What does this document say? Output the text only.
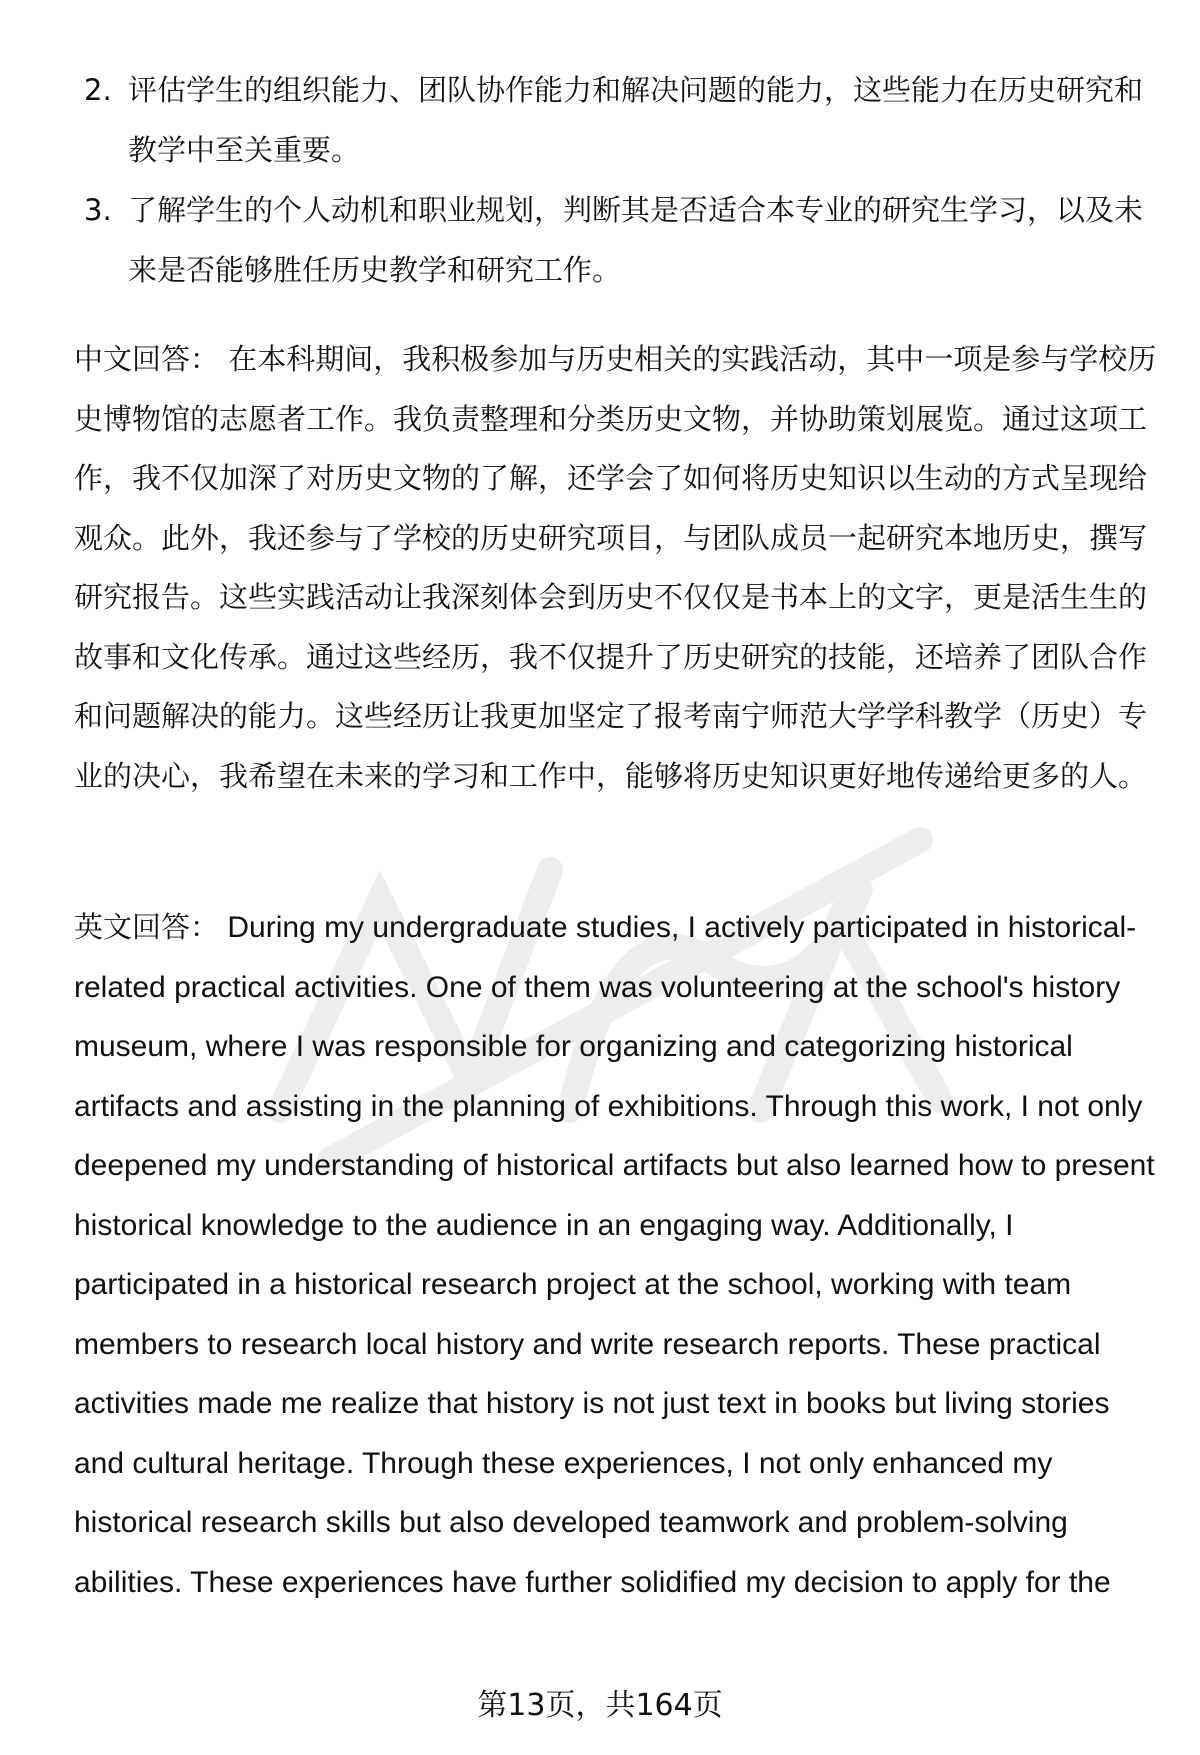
2. 评估学生的组织能力、团队协作能力和解决问题的能力，这些能力在历史研究和教学中至关重要。
3. 了解学生的个人动机和职业规划，判断其是否适合本专业的研究生学习，以及未来是否能够胜任历史教学和研究工作。

中文回答： 在本科期间，我积极参加与历史相关的实践活动，其中一项是参与学校历史博物馆的志愿者工作。我负责整理和分类历史文物，并协助策划展览。通过这项工作，我不仅加深了对历史文物的了解，还学会了如何将历史知识以生动的方式呈现给观众。此外，我还参与了学校的历史研究项目，与团队成员一起研究本地历史，撰写研究报告。这些实践活动让我深刻体会到历史不仅仅是书本上的文字，更是活生生的故事和文化传承。通过这些经历，我不仅提升了历史研究的技能，还培养了团队合作和问题解决的能力。这些经历让我更加坚定了报考南宁师范大学学科教学（历史）专业的决心，我希望在未来的学习和工作中，能够将历史知识更好地传递给更多的人。

英文回答： During my undergraduate studies, I actively participated in historical-related practical activities. One of them was volunteering at the school's history museum, where I was responsible for organizing and categorizing historical artifacts and assisting in the planning of exhibitions. Through this work, I not only deepened my understanding of historical artifacts but also learned how to present historical knowledge to the audience in an engaging way. Additionally, I participated in a historical research project at the school, working with team members to research local history and write research reports. These practical activities made me realize that history is not just text in books but living stories and cultural heritage. Through these experiences, I not only enhanced my historical research skills but also developed teamwork and problem-solving abilities. These experiences have further solidified my decision to apply for the

第13页，共164页
